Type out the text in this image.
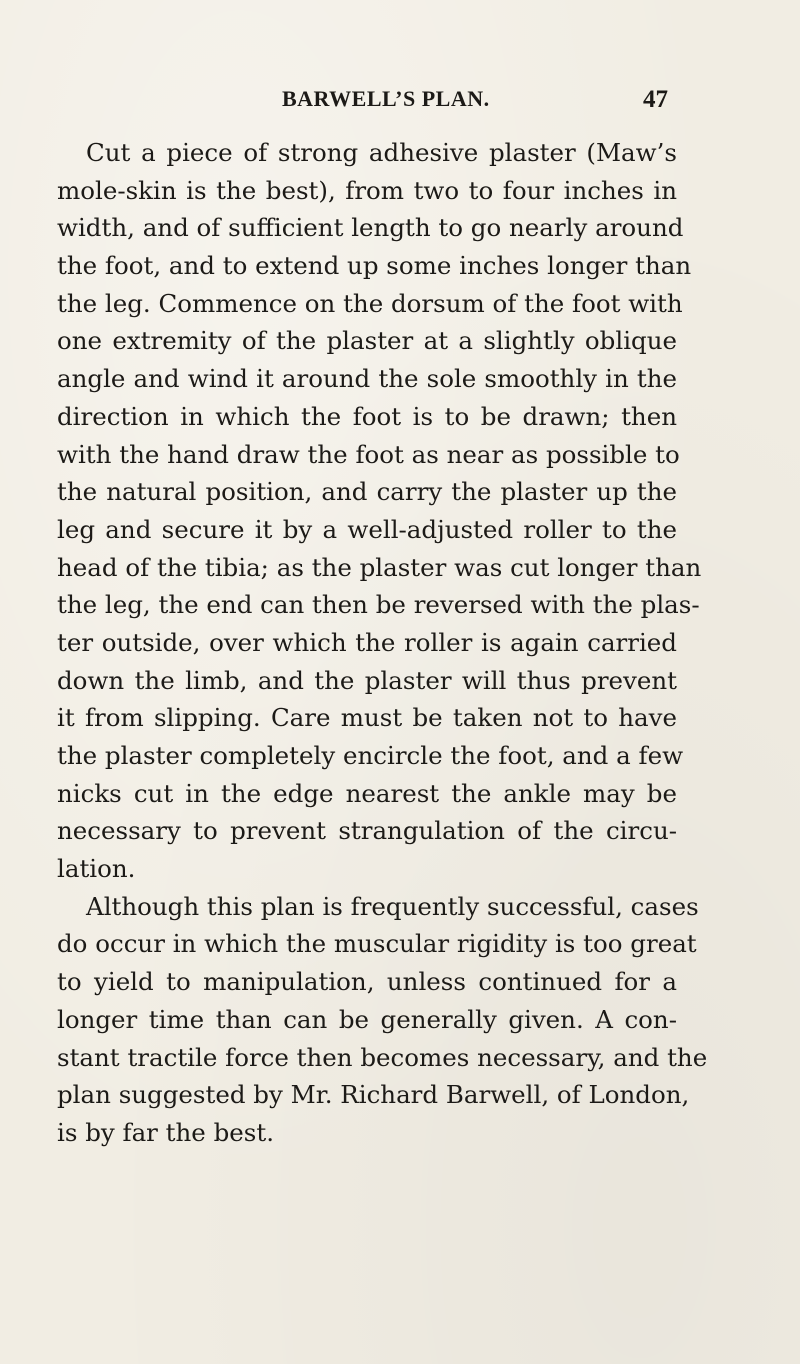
BARWELL’S PLAN.	47
Cut a piece of strong adhesive plaster (Maw’s
mole-skin is the best), from two to four inches in
width, and of sufficient length to go nearly around
the foot, and to extend up some inches longer than
the leg. Commence on the dorsum of the foot with
one extremity of the plaster at a slightly oblique
angle and wind it around the sole smoothly in the
direction in which the foot is to be drawn; then
with the hand draw the foot as near as possible to
the natural position, and carry the plaster up the
leg and secure it by a well-adjusted roller to the
head of the tibia; as the plaster was cut longer than
the leg, the end can then be reversed with the plas-
ter outside, over which the roller is again carried
down the limb, and the plaster will thus prevent
it from slipping. Care must be taken not to have
the plaster completely encircle the foot, and a few
nicks cut in the edge nearest the ankle may be
necessary to prevent strangulation of the circu-
lation.
Although this plan is frequently successful, cases
do occur in which the muscular rigidity is too great
to yield to manipulation, unless continued for a
longer time than can be generally given. A con-
stant tractile force then becomes necessary, and the
plan suggested by Mr. Richard Barwell, of London,
is by far the best.
